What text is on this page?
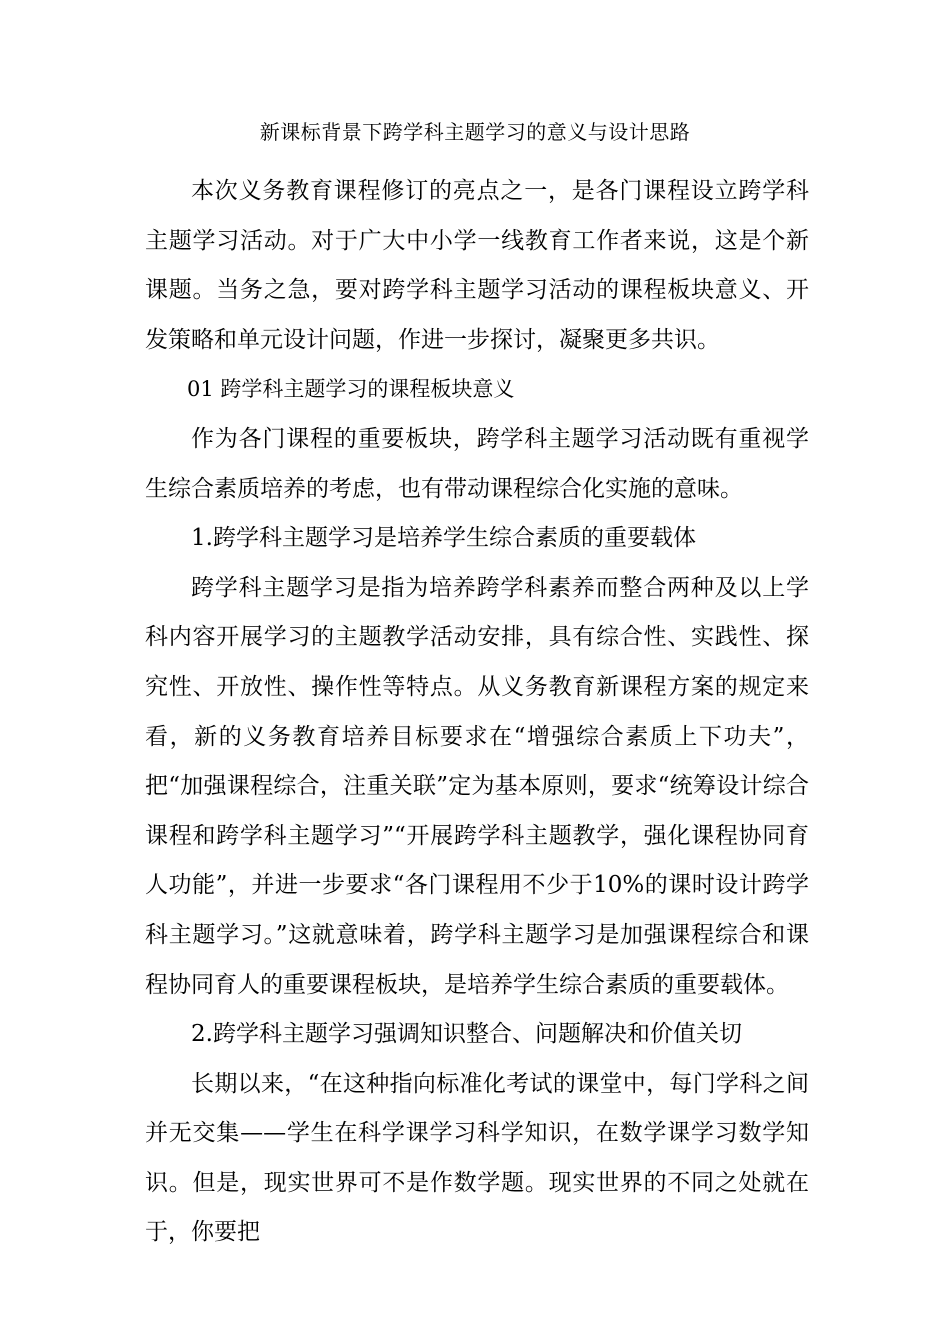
新课标背景下跨学科主题学习的意义与设计思路

本次义务教育课程修订的亮点之一，是各门课程设立跨学科主题学习活动。对于广大中小学一线教育工作者来说，这是个新课题。当务之急，要对跨学科主题学习活动的课程板块意义、开发策略和单元设计问题，作进一步探讨，凝聚更多共识。

01 跨学科主题学习的课程板块意义

作为各门课程的重要板块，跨学科主题学习活动既有重视学生综合素质培养的考虑，也有带动课程综合化实施的意味。

1.跨学科主题学习是培养学生综合素质的重要载体

跨学科主题学习是指为培养跨学科素养而整合两种及以上学科内容开展学习的主题教学活动安排，具有综合性、实践性、探究性、开放性、操作性等特点。从义务教育新课程方案的规定来看，新的义务教育培养目标要求在“增强综合素质上下功夫”，把“加强课程综合，注重关联”定为基本原则，要求“统筹设计综合课程和跨学科主题学习”“开展跨学科主题教学，强化课程协同育人功能”，并进一步要求“各门课程用不少于10%的课时设计跨学科主题学习。”这就意味着，跨学科主题学习是加强课程综合和课程协同育人的重要课程板块，是培养学生综合素质的重要载体。

2.跨学科主题学习强调知识整合、问题解决和价值关切

长期以来，“在这种指向标准化考试的课堂中，每门学科之间并无交集——学生在科学课学习科学知识，在数学课学习数学知识。但是，现实世界可不是作数学题。现实世界的不同之处就在于，你要把
